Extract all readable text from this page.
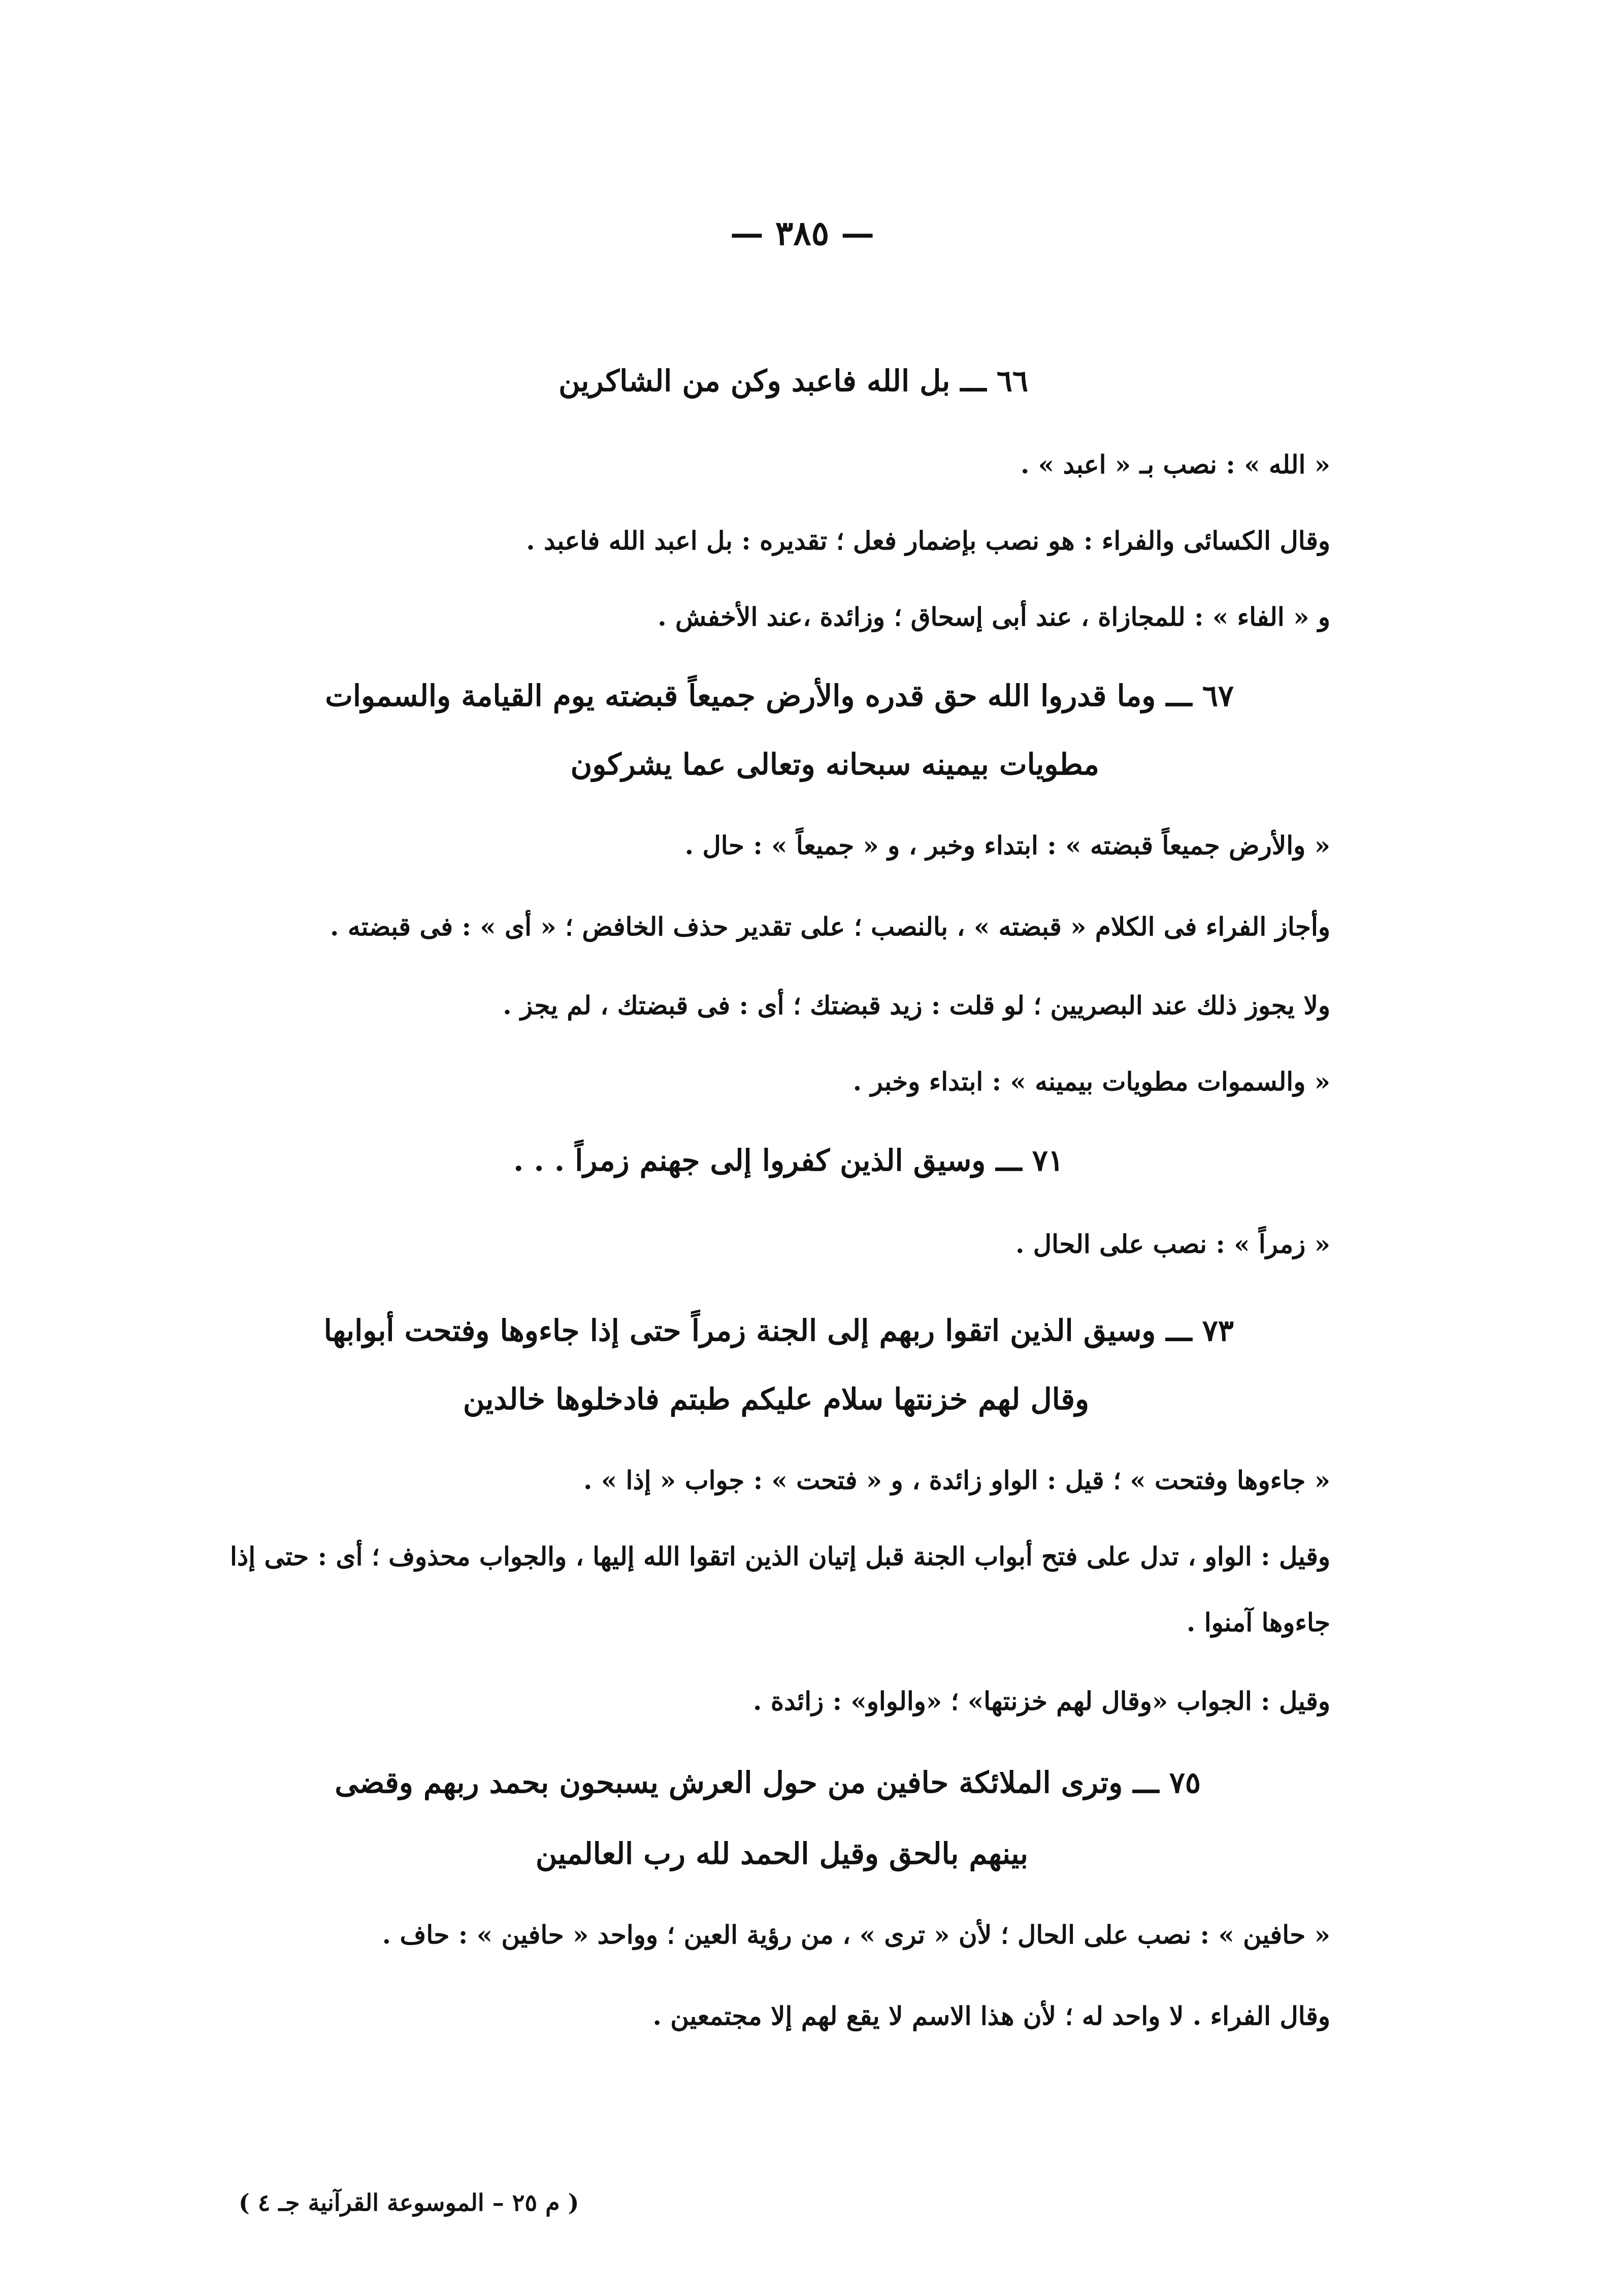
— ٣٨٥ —
٦٦ ـــ بل الله فاعبد وكن من الشاكرين
« الله » : نصب بـ « اعبد » .
وقال الكسائى والفراء : هو نصب بإضمار فعل ؛ تقديره : بل اعبد الله فاعبد .
و « الفاء » : للمجازاة ، عند أبى إسحاق ؛ وزائدة ،عند الأخفش .
٦٧ ـــ وما قدروا الله حق قدره والأرض جميعاً قبضته يوم القيامة والسموات
مطويات بيمينه سبحانه وتعالى عما يشركون
« والأرض جميعاً قبضته » : ابتداء وخبر ، و « جميعاً » : حال .
وأجاز الفراء فى الكلام « قبضته » ، بالنصب ؛ على تقدير حذف الخافض ؛ « أى » : فى قبضته .
ولا يجوز ذلك عند البصريين ؛ لو قلت : زيد قبضتك ؛ أى : فى قبضتك ، لم يجز .
« والسموات مطويات بيمينه » : ابتداء وخبر .
٧١ ـــ وسيق الذين كفروا إلى جهنم زمراً . . .
« زمراً » : نصب على الحال .
٧٣ ـــ وسيق الذين اتقوا ربهم إلى الجنة زمراً حتى إذا جاءوها وفتحت أبوابها
وقال لهم خزنتها سلام عليكم طبتم فادخلوها خالدين
« جاءوها وفتحت » ؛ قيل : الواو زائدة ، و « فتحت » : جواب « إذا » .
وقيل : الواو ، تدل على فتح أبواب الجنة قبل إتيان الذين اتقوا الله إليها ، والجواب محذوف ؛ أى : حتى إذا
جاءوها آمنوا .
وقيل : الجواب «وقال لهم خزنتها» ؛ «والواو» : زائدة .
٧٥ ـــ وترى الملائكة حافين من حول العرش يسبحون بحمد ربهم وقضى
بينهم بالحق وقيل الحمد لله رب العالمين
« حافين » : نصب على الحال ؛ لأن « ترى » ، من رؤية العين ؛ وواحد « حافين » : حاف .
وقال الفراء . لا واحد له ؛ لأن هذا الاسم لا يقع لهم إلا مجتمعين .
( م ٢٥ – الموسوعة القرآنية جـ ٤ )
